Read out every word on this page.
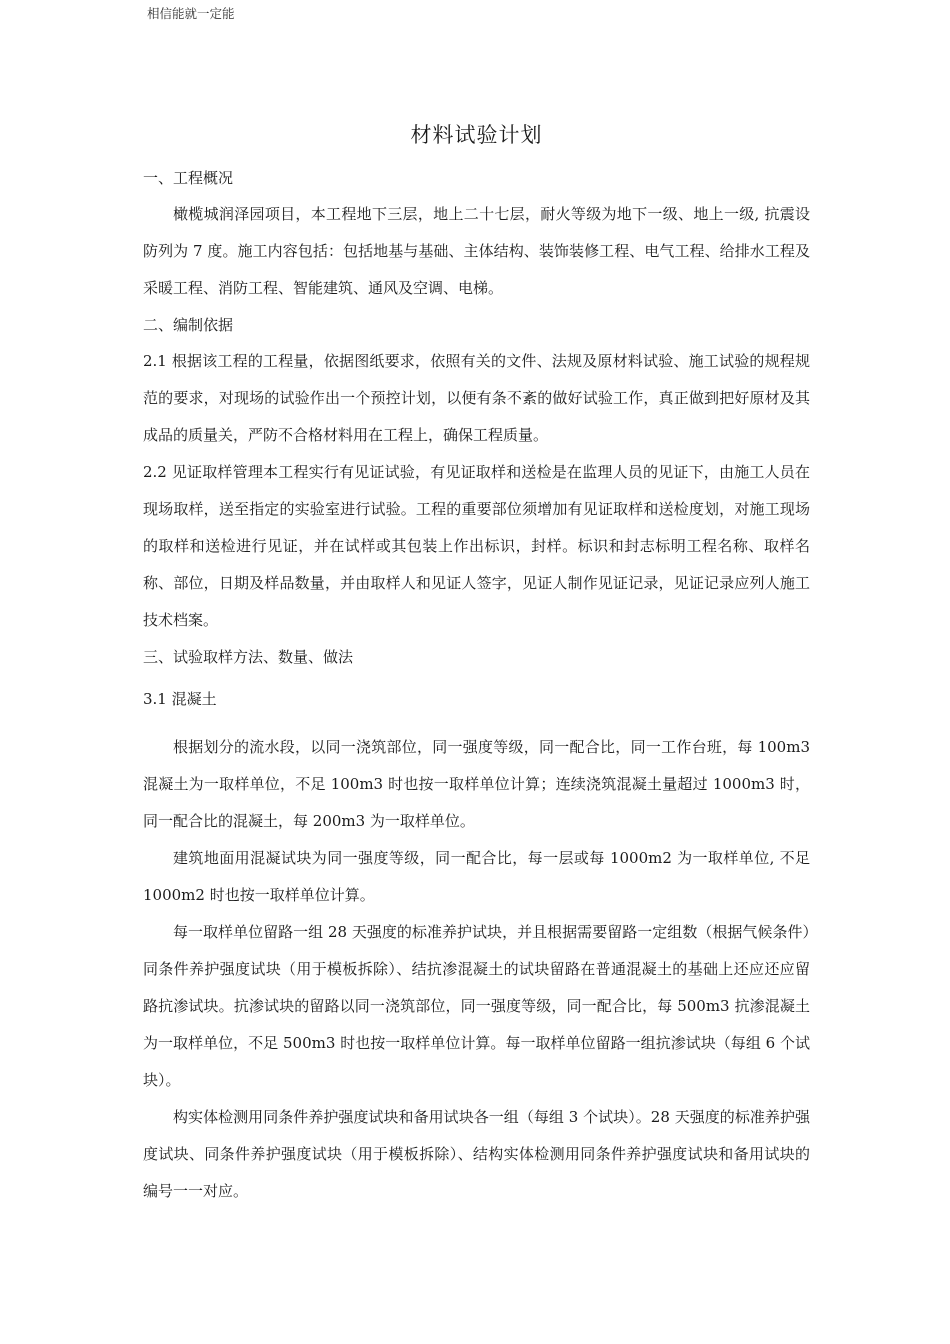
相信能就一定能
材料试验计划

一、工程概况

橄榄城润泽园项目，本工程地下三层，地上二十七层，耐火等级为地下一级、地上一级, 抗震设防列为 7 度。施工内容包括：包括地基与基础、主体结构、装饰装修工程、电气工程、给排水工程及采暖工程、消防工程、智能建筑、通风及空调、电梯。

二、编制依据

2.1 根据该工程的工程量，依据图纸要求，依照有关的文件、法规及原材料试验、施工试验的规程规范的要求，对现场的试验作出一个预控计划，以便有条不紊的做好试验工作，真正做到把好原材及其成品的质量关，严防不合格材料用在工程上，确保工程质量。

2.2 见证取样管理本工程实行有见证试验，有见证取样和送检是在监理人员的见证下，由施工人员在现场取样，送至指定的实验室进行试验。工程的重要部位须增加有见证取样和送检度划，对施工现场的取样和送检进行见证，并在试样或其包装上作出标识，封样。标识和封志标明工程名称、取样名称、部位，日期及样品数量，并由取样人和见证人签字，见证人制作见证记录，见证记录应列人施工技术档案。

三、试验取样方法、数量、做法

3.1 混凝土

根据划分的流水段，以同一浇筑部位，同一强度等级，同一配合比，同一工作台班，每 100m3 混凝土为一取样单位，不足 100m3 时也按一取样单位计算；连续浇筑混凝土量超过 1000m3 时，同一配合比的混凝土，每 200m3 为一取样单位。

建筑地面用混凝试块为同一强度等级，同一配合比，每一层或每 1000m2 为一取样单位, 不足 1000m2 时也按一取样单位计算。

每一取样单位留路一组 28 天强度的标准养护试块，并且根据需要留路一定组数（根据气候条件）同条件养护强度试块（用于模板拆除）、结抗渗混凝土的试块留路在普通混凝土的基础上还应还应留路抗渗试块。抗渗试块的留路以同一浇筑部位，同一强度等级，同一配合比，每 500m3 抗渗混凝土为一取样单位，不足 500m3 时也按一取样单位计算。每一取样单位留路一组抗渗试块（每组 6 个试块）。

构实体检测用同条件养护强度试块和备用试块各一组（每组 3 个试块）。28 天强度的标准养护强度试块、同条件养护强度试块（用于模板拆除）、结构实体检测用同条件养护强度试块和备用试块的编号一一对应。
